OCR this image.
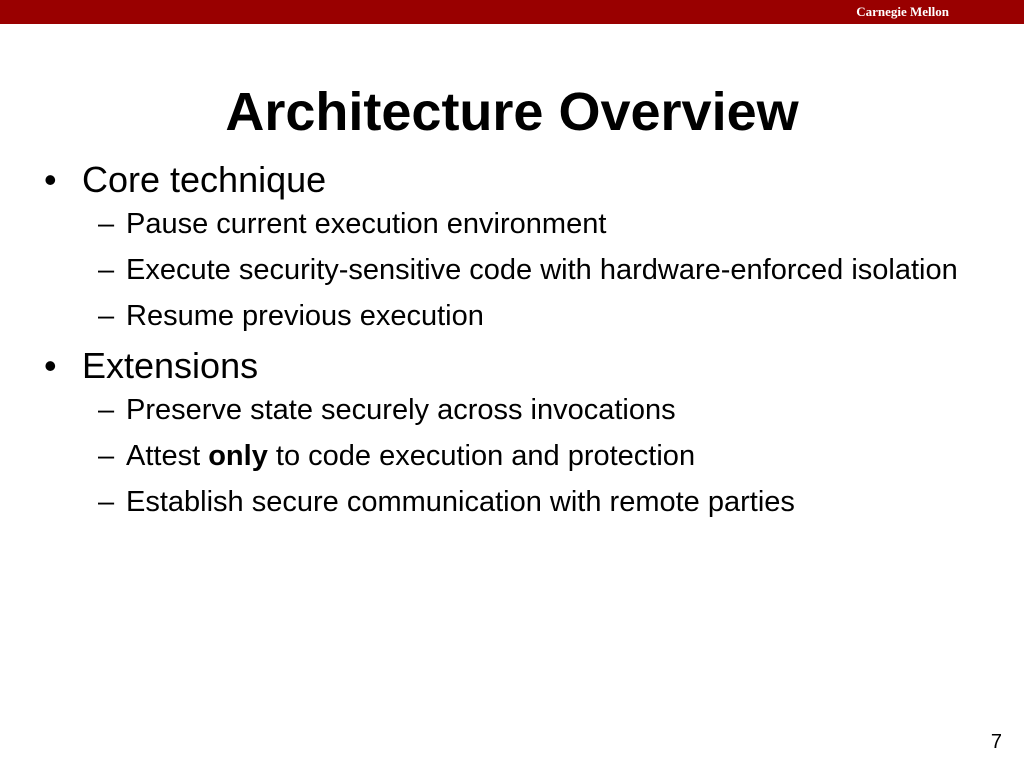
Carnegie Mellon
Architecture Overview
• Core technique
– Pause current execution environment
– Execute security-sensitive code with hardware-enforced isolation
– Resume previous execution
• Extensions
– Preserve state securely across invocations
– Attest only to code execution and protection
– Establish secure communication with remote parties
7
